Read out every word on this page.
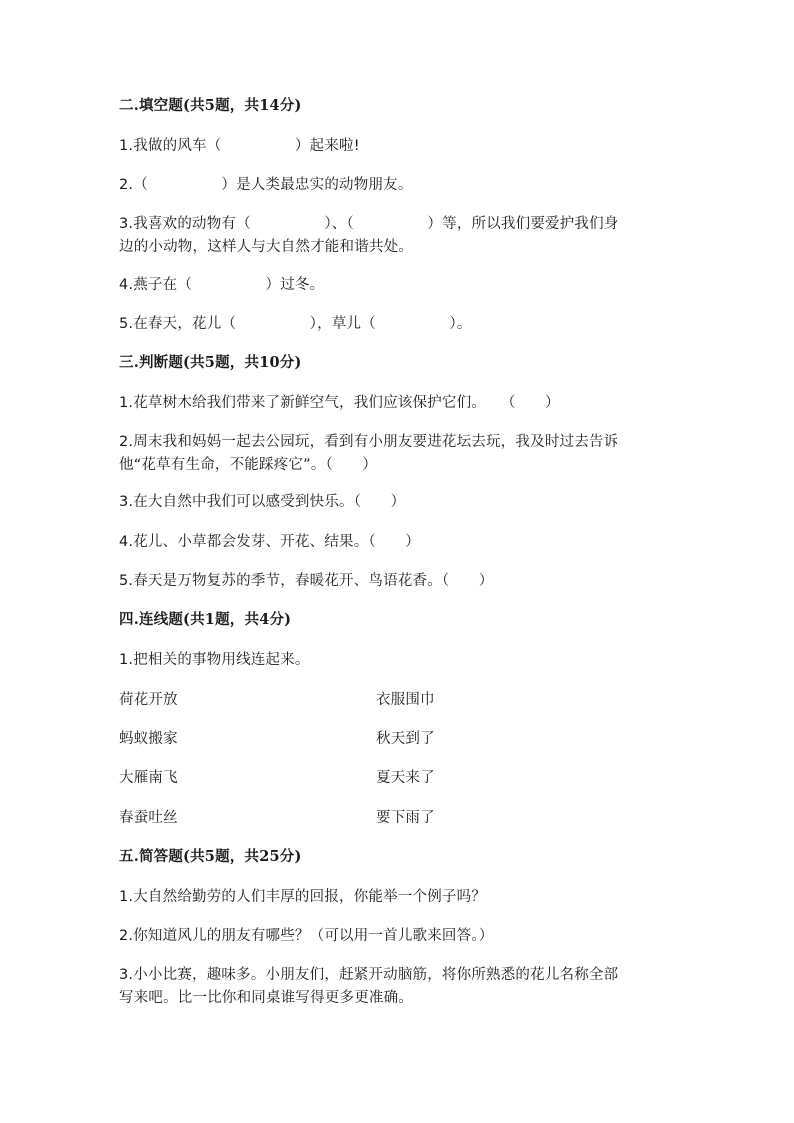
二.填空题(共5题，共14分)
1.我做的风车（　　　　　）起来啦!
2.（　　　　　）是人类最忠实的动物朋友。
3.我喜欢的动物有（　　　　　）、（　　　　　）等，所以我们要爱护我们身
边的小动物，这样人与大自然才能和谐共处。
4.燕子在（　　　　　）过冬。
5.在春天，花儿（　　　　　），草儿（　　　　　）。
三.判断题(共5题，共10分)
1.花草树木给我们带来了新鲜空气，我们应该保护它们。　　（　　）
2.周末我和妈妈一起去公园玩，看到有小朋友要进花坛去玩，我及时过去告诉
他“花草有生命，不能踩疼它”。（　　）
3.在大自然中我们可以感受到快乐。（　　）
4.花儿、小草都会发芽、开花、结果。（　　）
5.春天是万物复苏的季节，春暖花开、鸟语花香。（　　）
四.连线题(共1题，共4分)
1.把相关的事物用线连起来。
荷花开放	衣服围巾
蚂蚁搬家	秋天到了
大雁南飞	夏天来了
春蚕吐丝	要下雨了
五.简答题(共5题，共25分)
1.大自然给勤劳的人们丰厚的回报，你能举一个例子吗？
2.你知道风儿的朋友有哪些？（可以用一首儿歌来回答。）
3.小小比赛，趣味多。小朋友们，赶紧开动脑筋，将你所熟悉的花儿名称全部
写来吧。比一比你和同桌谁写得更多更准确。
